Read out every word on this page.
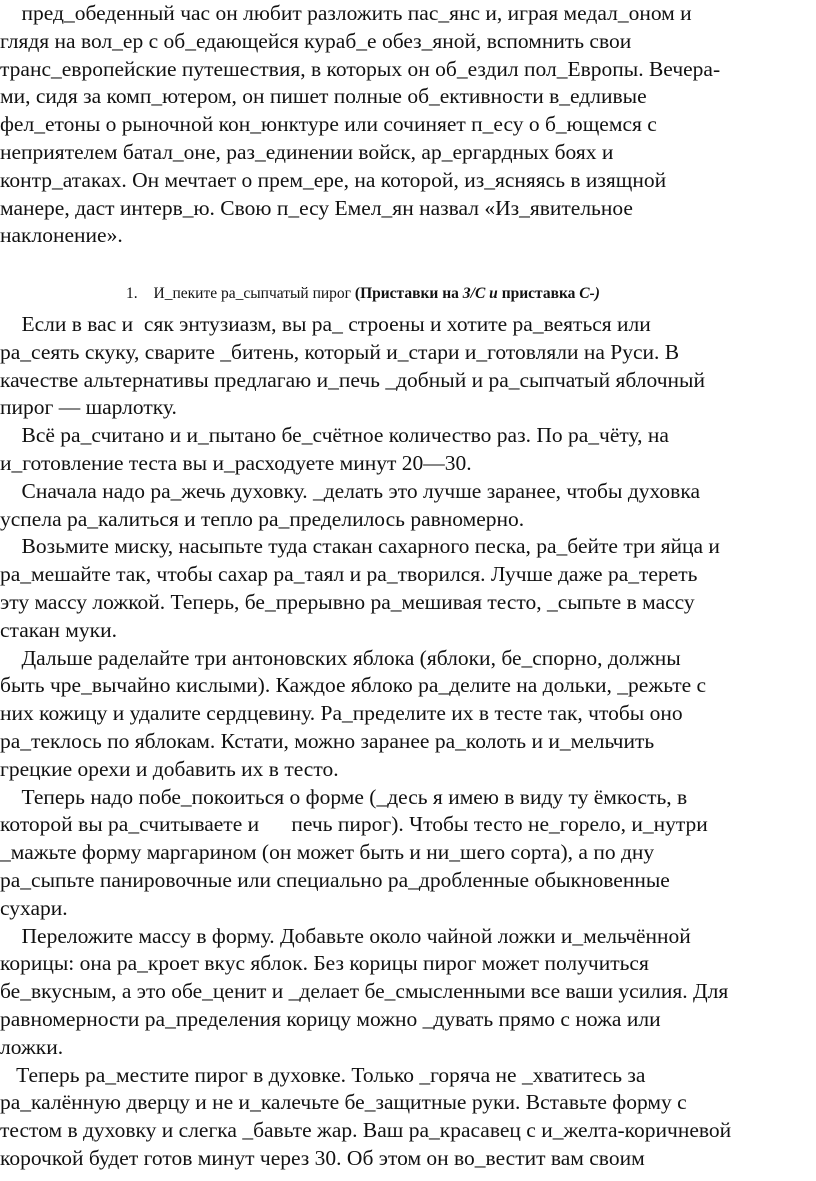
пред_обеденный час он любит разложить пас_янс и, играя медал_оном и
глядя на вол_ер с об_едающейся кураб_е обез_яной, вспомнить свои
транс_европейские путешествия, в которых он об_ездил пол_Европы. Вечера-
ми, сидя за комп_ютером, он пишет полные об_ективности в_едливые
фел_етоны о рыночной кон_юнктуре или сочиняет п_есу о б_ющемся с
неприятелем батал_оне, раз_единении войск, ар_ергардных боях и
контр_атаках. Он мечтает о прем_ере, на которой, из_ясняясь в изящной
манере, даст интерв_ю. Свою п_есу Емел_ян назвал «Из_явительное
наклонение».
1. И_пеките ра_сыпчатый пирог (Приставки на З/С и приставка С-)
Если в вас и  сяк энтузиазм, вы ра_ строены и хотите ра_веяться или
ра_сеять скуку, сварите _битень, который и_стари и_готовляли на Руси. В
качестве альтернативы предлагаю и_печь _добный и ра_сыпчатый яблочный
пирог — шарлотку.
Всё ра_считано и и_пытано бе_счётное количество раз. По ра_чёту, на
и_готовление теста вы и_расходуете минут 20—30.
Сначала надо ра_жечь духовку. _делать это лучше заранее, чтобы духовка
успела ра_калиться и тепло ра_пределилось равномерно.
Возьмите миску, насыпьте туда стакан сахарного песка, ра_бейте три яйца и
ра_мешайте так, чтобы сахар ра_таял и ра_творился. Лучше даже ра_тереть
эту массу ложкой. Теперь, бе_прерывно ра_мешивая тесто, _сыпьте в массу
стакан муки.
Дальше раделайте три антоновских яблока (яблоки, бе_спорно, должны
быть чре_вычайно кислыми). Каждое яблоко ра_делите на дольки, _режьте с
них кожицу и удалите сердцевину. Ра_пределите их в тесте так, чтобы оно
ра_теклось по яблокам. Кстати, можно заранее ра_колоть и и_мельчить
грецкие орехи и добавить их в тесто.
Теперь надо побе_покоиться о форме (_десь я имею в виду ту ёмкость, в
которой вы ра_считываете и      печь пирог). Чтобы тесто не_горело, и_нутри
_мажьте форму маргарином (он может быть и ни_шего сорта), а по дну
ра_сыпьте панировочные или специально ра_дробленные обыкновенные
сухари.
Переложите массу в форму. Добавьте около чайной ложки и_мельчённой
корицы: она ра_кроет вкус яблок. Без корицы пирог может получиться
бе_вкусным, а это обе_ценит и _делает бе_смысленными все ваши усилия. Для
равномерности ра_пределения корицу можно _дувать прямо с ножа или
ложки.
Теперь ра_местите пирог в духовке. Только _горяча не _хватитесь за
ра_калённую дверцу и не и_калечьте бе_защитные руки. Вставьте форму с
тестом в духовку и слегка _бавьте жар. Ваш ра_красавец с и_желта-коричневой
корочкой будет готов минут через 30. Об этом он во_вестит вам своим
